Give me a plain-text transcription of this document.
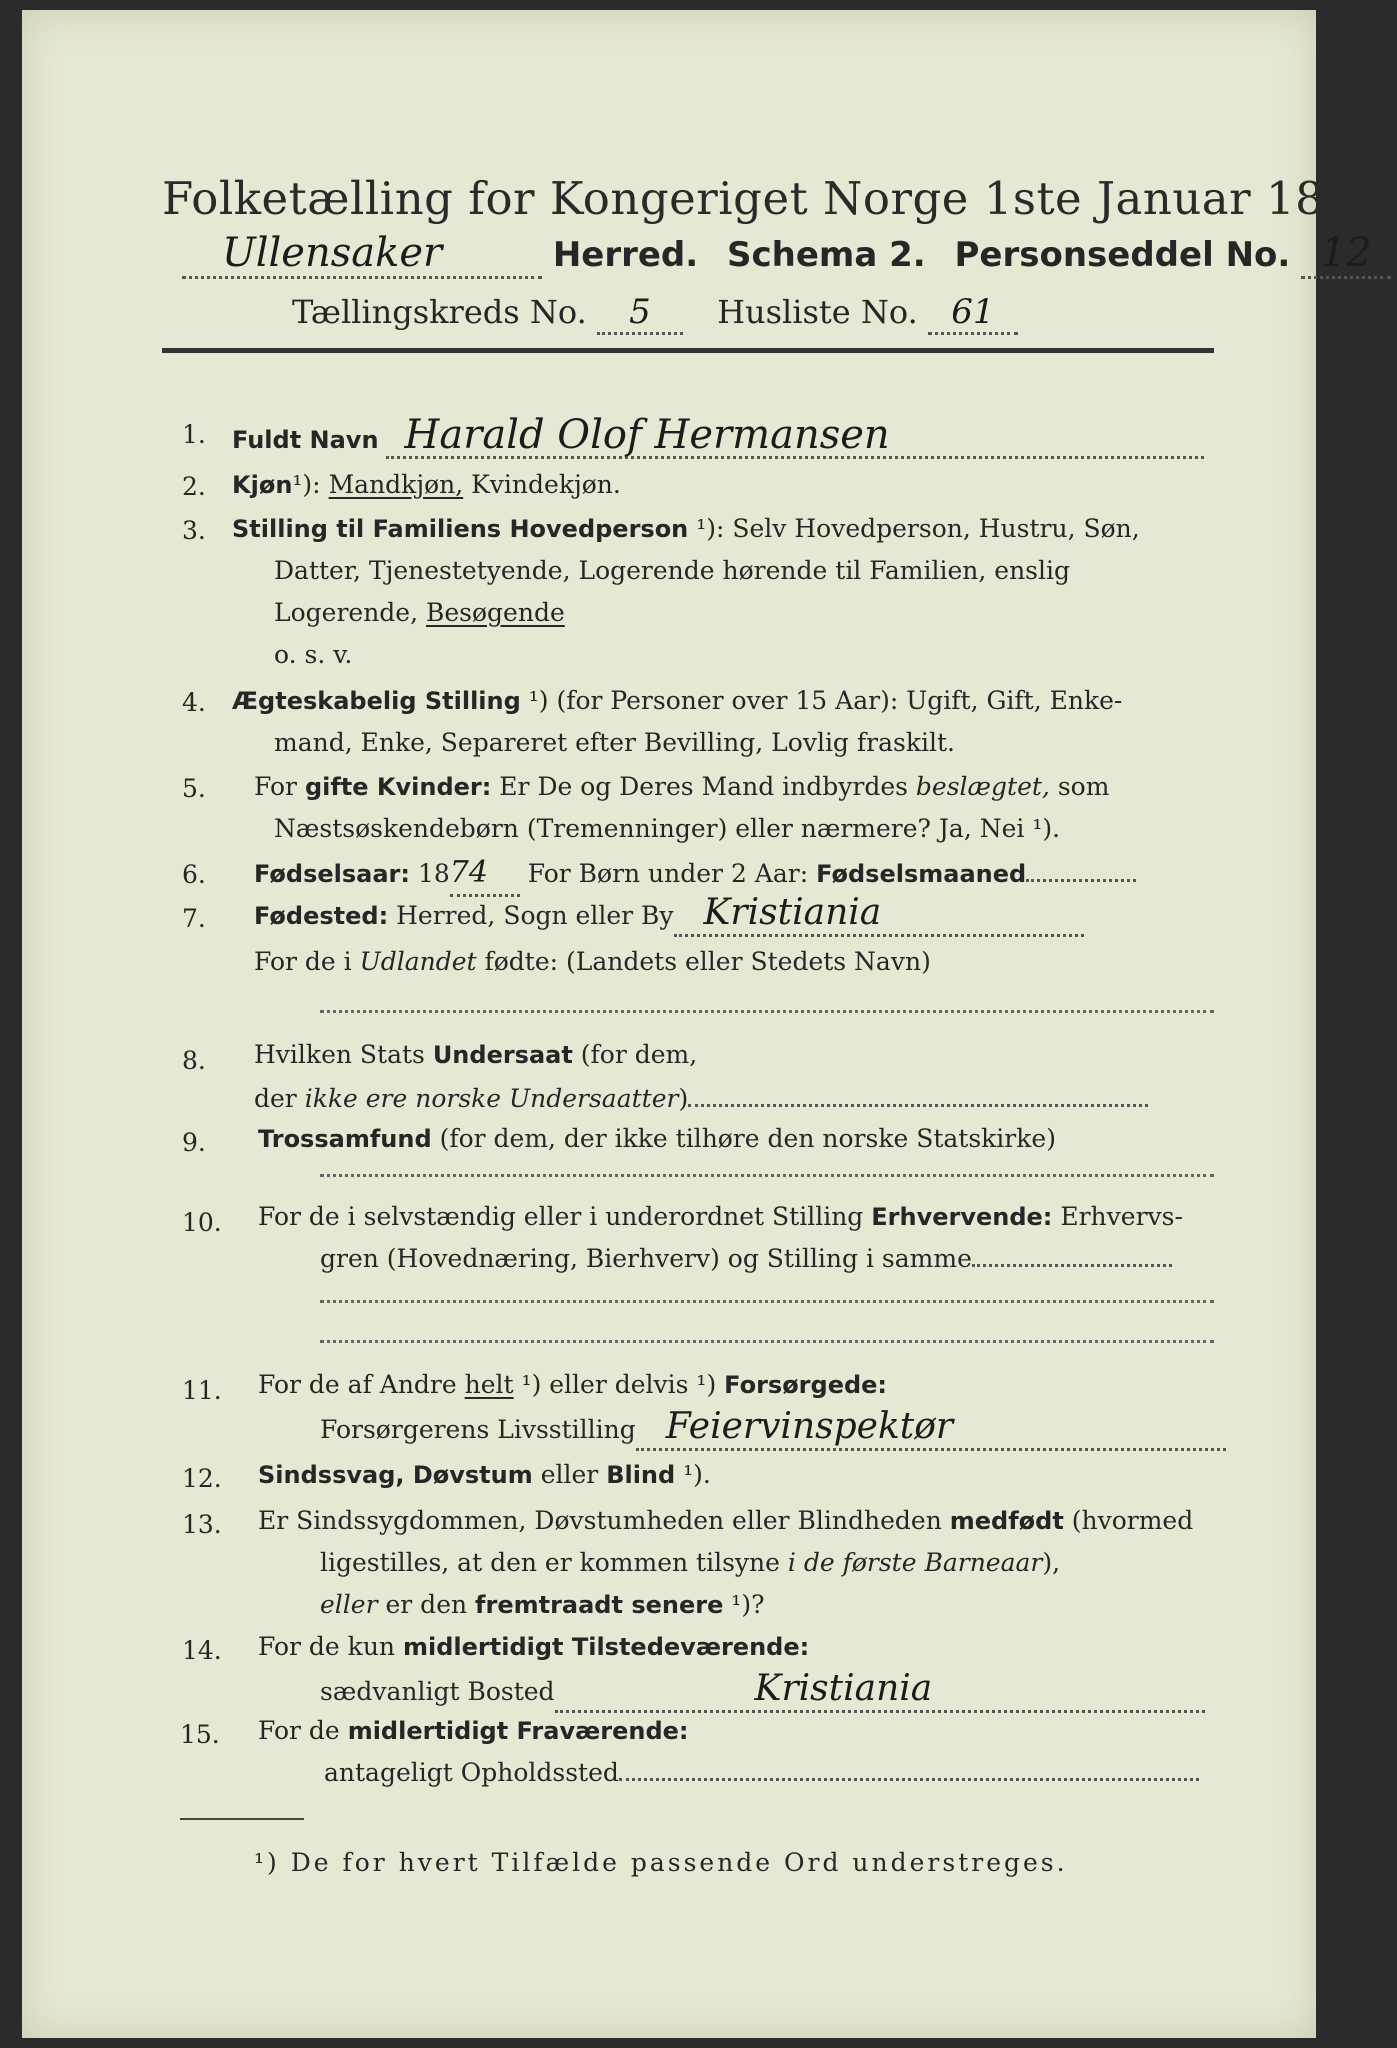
Folketælling for Kongeriget Norge 1ste Januar 1891.
Ullensaker	Herred. Schema 2. Personseddel No. 12
Tællingskreds No. 5 Husliste No. 61
1.	Fuldt Navn Harald Olof Hermansen
2.	Kjøn¹): Mandkjøn, Kvindekjøn.
3.	Stilling til Familiens Hovedperson ¹): Selv Hovedperson, Hustru, Søn,
Datter, Tjenestetyende, Logerende hørende til Familien, enslig
Logerende, Besøgende
o. s. v.
4.	Ægteskabelig Stilling ¹) (for Personer over 15 Aar): Ugift, Gift, Enke-
mand, Enke, Separeret efter Bevilling, Lovlig fraskilt.
5.	For gifte Kvinder: Er De og Deres Mand indbyrdes beslægtet, som
Næstsøskendebørn (Tremenninger) eller nærmere? Ja, Nei ¹).
6.	Fødselsaar: 1874 For Børn under 2 Aar: Fødselsmaaned
7.	Fødested: Herred, Sogn eller By Kristiania
For de i Udlandet fødte: (Landets eller Stedets Navn)
8.	Hvilken Stats Undersaat (for dem,
der ikke ere norske Undersaatter)
9.	Trossamfund (for dem, der ikke tilhøre den norske Statskirke)
10.	For de i selvstændig eller i underordnet Stilling Erhvervende: Erhvervs-
gren (Hovednæring, Bierhverv) og Stilling i samme
11.	For de af Andre helt ¹) eller delvis ¹) Forsørgede:
Forsørgerens Livsstilling Feiervinspektør
12.	Sindssvag, Døvstum eller Blind ¹).
13.	Er Sindssygdommen, Døvstumheden eller Blindheden medfødt (hvormed
ligestilles, at den er kommen tilsyne i de første Barneaar),
eller er den fremtraadt senere ¹)?
14.	For de kun midlertidigt Tilstedeværende:
sædvanligt Bosted	Kristiania
15.	For de midlertidigt Fraværende:
antageligt Opholdssted
¹) De for hvert Tilfælde passende Ord understreges.
